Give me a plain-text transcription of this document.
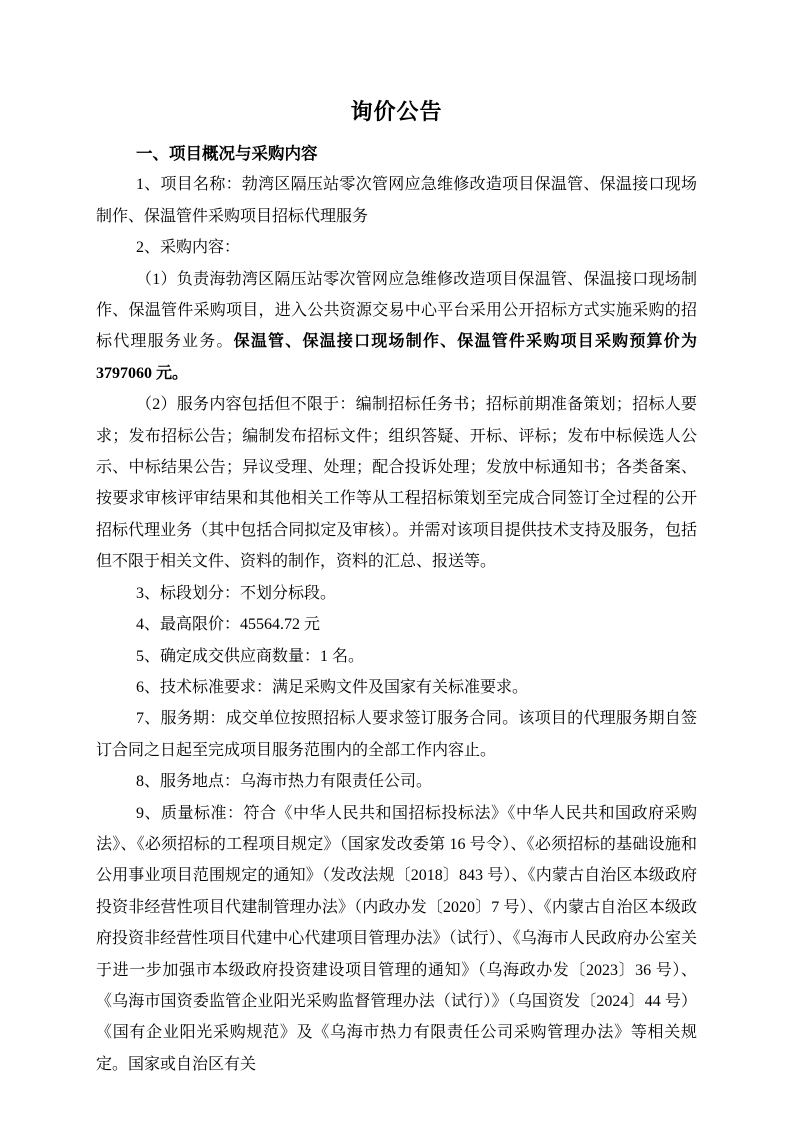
询价公告
一、项目概况与采购内容

1、项目名称：勃湾区隔压站零次管网应急维修改造项目保温管、保温接口现场制作、保温管件采购项目招标代理服务

2、采购内容：

（1）负责海勃湾区隔压站零次管网应急维修改造项目保温管、保温接口现场制作、保温管件采购项目，进入公共资源交易中心平台采用公开招标方式实施采购的招标代理服务业务。保温管、保温接口现场制作、保温管件采购项目采购预算价为 3797060 元。

（2）服务内容包括但不限于：编制招标任务书；招标前期准备策划；招标人要求；发布招标公告；编制发布招标文件；组织答疑、开标、评标；发布中标候选人公示、中标结果公告；异议受理、处理；配合投诉处理；发放中标通知书；各类备案、按要求审核评审结果和其他相关工作等从工程招标策划至完成合同签订全过程的公开招标代理业务（其中包括合同拟定及审核）。并需对该项目提供技术支持及服务，包括但不限于相关文件、资料的制作，资料的汇总、报送等。

3、标段划分：不划分标段。

4、最高限价：45564.72 元

5、确定成交供应商数量：1 名。

6、技术标准要求：满足采购文件及国家有关标准要求。

7、服务期：成交单位按照招标人要求签订服务合同。该项目的代理服务期自签订合同之日起至完成项目服务范围内的全部工作内容止。

8、服务地点：乌海市热力有限责任公司。

9、质量标准：符合《中华人民共和国招标投标法》《中华人民共和国政府采购法》、《必须招标的工程项目规定》（国家发改委第 16 号令）、《必须招标的基础设施和公用事业项目范围规定的通知》（发改法规〔2018〕843 号）、《内蒙古自治区本级政府投资非经营性项目代建制管理办法》（内政办发〔2020〕7 号）、《内蒙古自治区本级政府投资非经营性项目代建中心代建项目管理办法》（试行）、《乌海市人民政府办公室关于进一步加强市本级政府投资建设项目管理的通知》（乌海政办发〔2023〕36 号）、《乌海市国资委监管企业阳光采购监督管理办法（试行）》（乌国资发〔2024〕44 号）《国有企业阳光采购规范》及《乌海市热力有限责任公司采购管理办法》等相关规定。国家或自治区有关
